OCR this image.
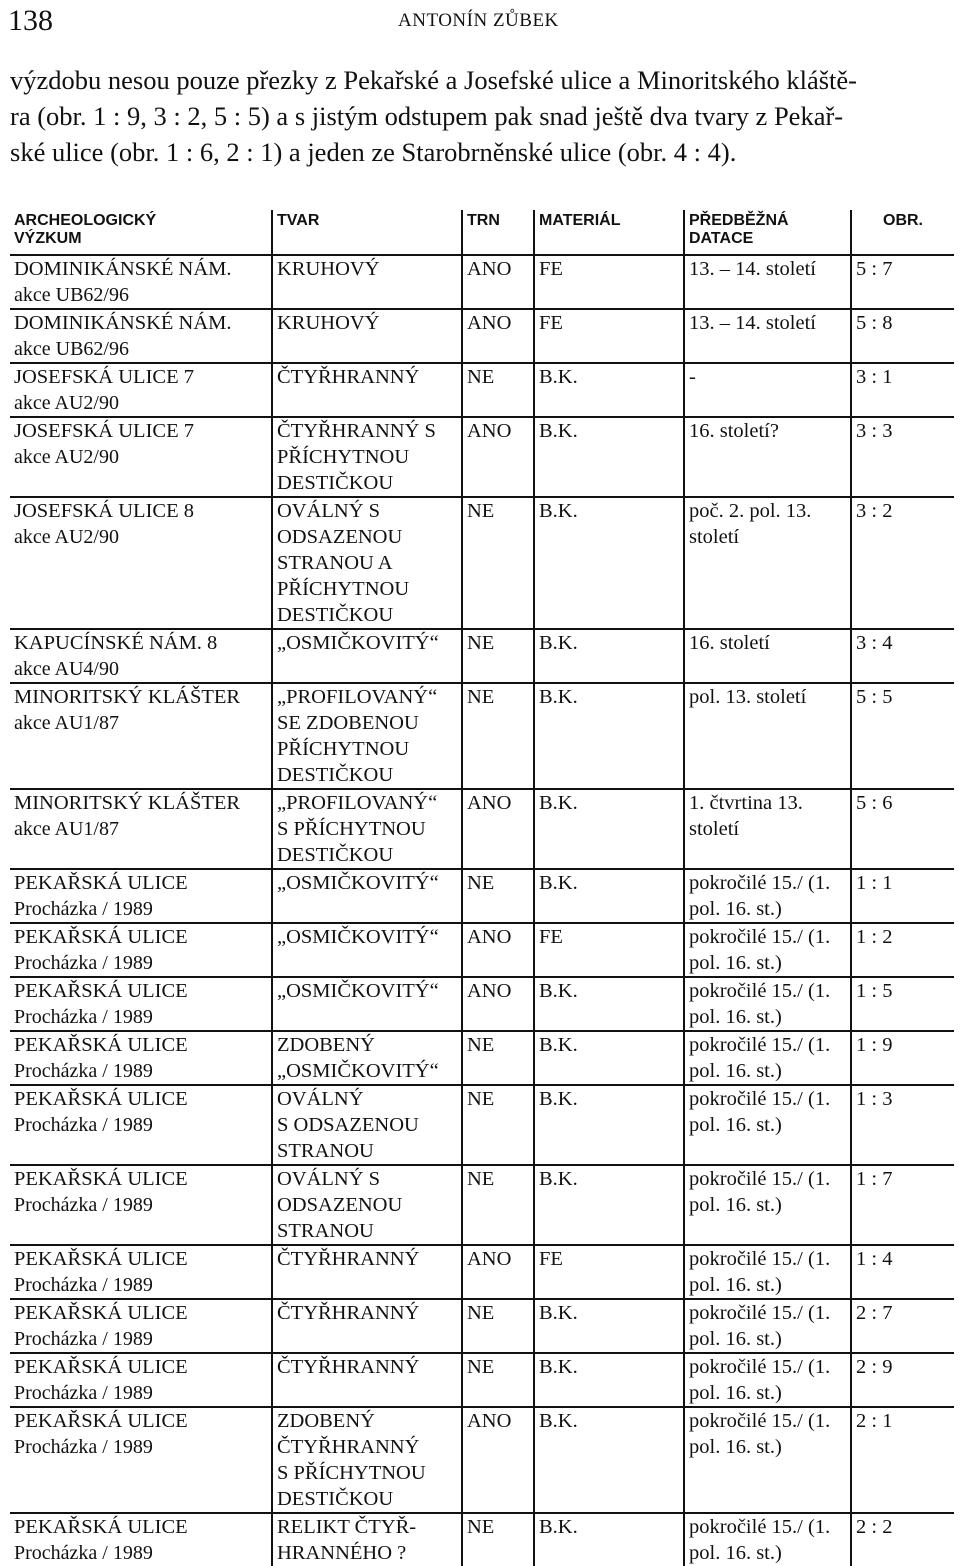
138	ANTONÍN ZŮBEK

výzdobu nesou pouze přezky z Pekařské a Josefské ulice a Minoritského kláště-
ra (obr. 1 : 9, 3 : 2, 5 : 5) a s jistým odstupem pak snad ještě dva tvary z Pekař-
ské ulice (obr. 1 : 6, 2 : 1) a jeden ze Starobrněnské ulice (obr. 4 : 4).

ARCHEOLOGICKÝ
VÝZKUM	TVAR	TRN	MATERIÁL	PŘEDBĚŽNÁ
DATACE	OBR.

DOMINIKÁNSKÉ NÁM.
akce UB62/96	KRUHOVÝ	ANO	FE	13. – 14. století	5 : 7

DOMINIKÁNSKÉ NÁM.
akce UB62/96	KRUHOVÝ	ANO	FE	13. – 14. století	5 : 8

JOSEFSKÁ ULICE 7
akce AU2/90	ČTYŘHRANNÝ	NE	B.K.	-	3 : 1

JOSEFSKÁ ULICE 7
akce AU2/90	ČTYŘHRANNÝ S
PŘÍCHYTNOU
DESTIČKOU	ANO	B.K.	16. století?	3 : 3

JOSEFSKÁ ULICE 8
akce AU2/90	OVÁLNÝ S
ODSAZENOU
STRANOU A
PŘÍCHYTNOU
DESTIČKOU	NE	B.K.	poč. 2. pol. 13.
století	3 : 2

KAPUCÍNSKÉ NÁM. 8
akce AU4/90	„OSMIČKOVITÝ“	NE	B.K.	16. století	3 : 4

MINORITSKÝ KLÁŠTER
akce AU1/87	„PROFILOVANÝ“
SE ZDOBENOU
PŘÍCHYTNOU
DESTIČKOU	NE	B.K.	pol. 13. století	5 : 5

MINORITSKÝ KLÁŠTER
akce AU1/87	„PROFILOVANÝ“
S PŘÍCHYTNOU
DESTIČKOU	ANO	B.K.	1. čtvrtina 13.
století	5 : 6

PEKAŘSKÁ ULICE
Procházka / 1989	„OSMIČKOVITÝ“	NE	B.K.	pokročilé 15./ (1.
pol. 16. st.)	1 : 1

PEKAŘSKÁ ULICE
Procházka / 1989	„OSMIČKOVITÝ“	ANO	FE	pokročilé 15./ (1.
pol. 16. st.)	1 : 2

PEKAŘSKÁ ULICE
Procházka / 1989	„OSMIČKOVITÝ“	ANO	B.K.	pokročilé 15./ (1.
pol. 16. st.)	1 : 5

PEKAŘSKÁ ULICE
Procházka / 1989	ZDOBENÝ
„OSMIČKOVITÝ“	NE	B.K.	pokročilé 15./ (1.
pol. 16. st.)	1 : 9

PEKAŘSKÁ ULICE
Procházka / 1989	OVÁLNÝ
S ODSAZENOU
STRANOU	NE	B.K.	pokročilé 15./ (1.
pol. 16. st.)	1 : 3

PEKAŘSKÁ ULICE
Procházka / 1989	OVÁLNÝ S
ODSAZENOU
STRANOU	NE	B.K.	pokročilé 15./ (1.
pol. 16. st.)	1 : 7

PEKAŘSKÁ ULICE
Procházka / 1989	ČTYŘHRANNÝ	ANO	FE	pokročilé 15./ (1.
pol. 16. st.)	1 : 4

PEKAŘSKÁ ULICE
Procházka / 1989	ČTYŘHRANNÝ	NE	B.K.	pokročilé 15./ (1.
pol. 16. st.)	2 : 7

PEKAŘSKÁ ULICE
Procházka / 1989	ČTYŘHRANNÝ	NE	B.K.	pokročilé 15./ (1.
pol. 16. st.)	2 : 9

PEKAŘSKÁ ULICE
Procházka / 1989	ZDOBENÝ
ČTYŘHRANNÝ
S PŘÍCHYTNOU
DESTIČKOU	ANO	B.K.	pokročilé 15./ (1.
pol. 16. st.)	2 : 1

PEKAŘSKÁ ULICE
Procházka / 1989	RELIKT ČTYŘ-
HRANNÉHO ?	NE	B.K.	pokročilé 15./ (1.
pol. 16. st.)	2 : 2
